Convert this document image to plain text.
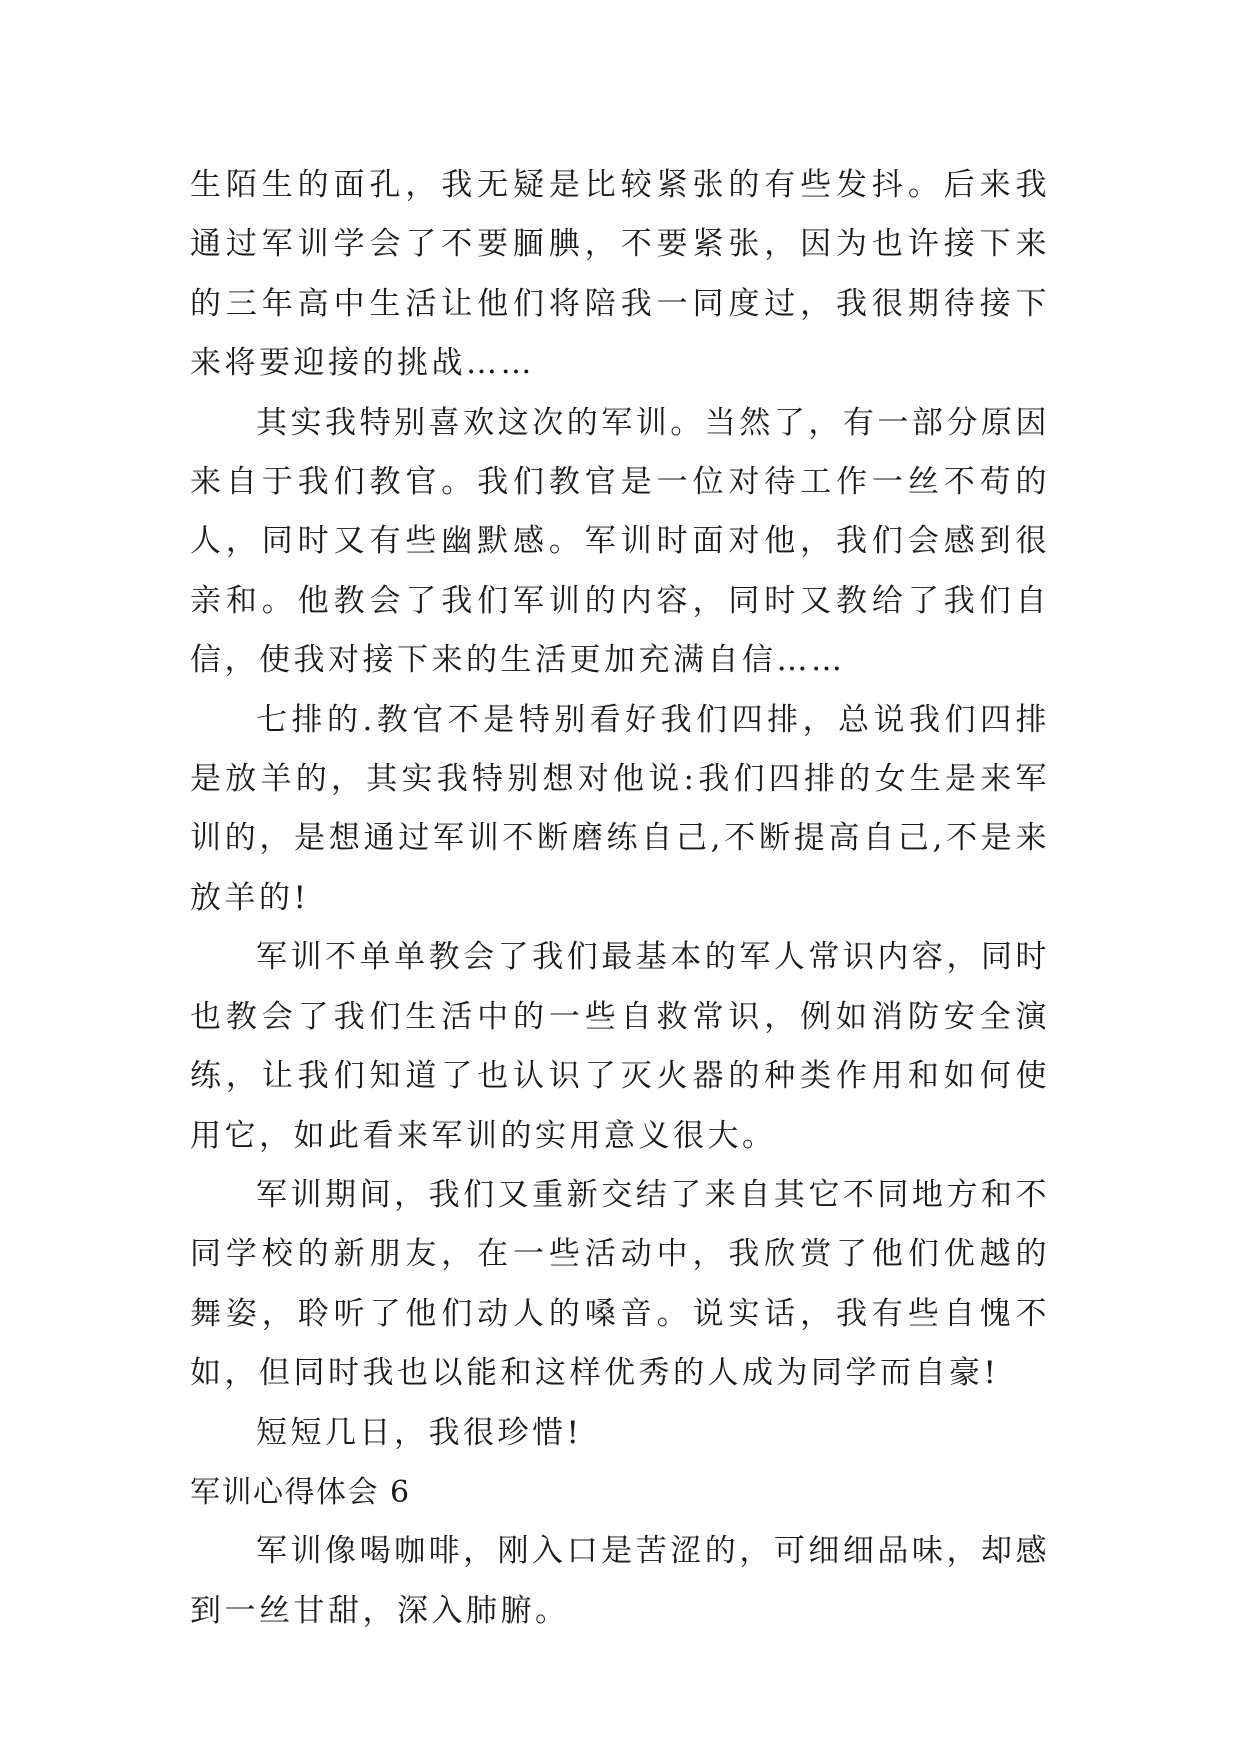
生陌生的面孔，我无疑是比较紧张的有些发抖。后来我通过军训学会了不要腼腆，不要紧张，因为也许接下来的三年高中生活让他们将陪我一同度过，我很期待接下来将要迎接的挑战……

其实我特别喜欢这次的军训。当然了，有一部分原因来自于我们教官。我们教官是一位对待工作一丝不苟的人，同时又有些幽默感。军训时面对他，我们会感到很亲和。他教会了我们军训的内容，同时又教给了我们自信，使我对接下来的生活更加充满自信……

七排的.教官不是特别看好我们四排，总说我们四排是放羊的，其实我特别想对他说:我们四排的女生是来军训的，是想通过军训不断磨练自己,不断提高自己,不是来放羊的!

军训不单单教会了我们最基本的军人常识内容，同时也教会了我们生活中的一些自救常识，例如消防安全演练，让我们知道了也认识了灭火器的种类作用和如何使用它，如此看来军训的实用意义很大。

军训期间，我们又重新交结了来自其它不同地方和不同学校的新朋友，在一些活动中，我欣赏了他们优越的舞姿，聆听了他们动人的嗓音。说实话，我有些自愧不如，但同时我也以能和这样优秀的人成为同学而自豪!

短短几日，我很珍惜!

军训心得体会 6

军训像喝咖啡，刚入口是苦涩的，可细细品味，却感到一丝甘甜，深入肺腑。
